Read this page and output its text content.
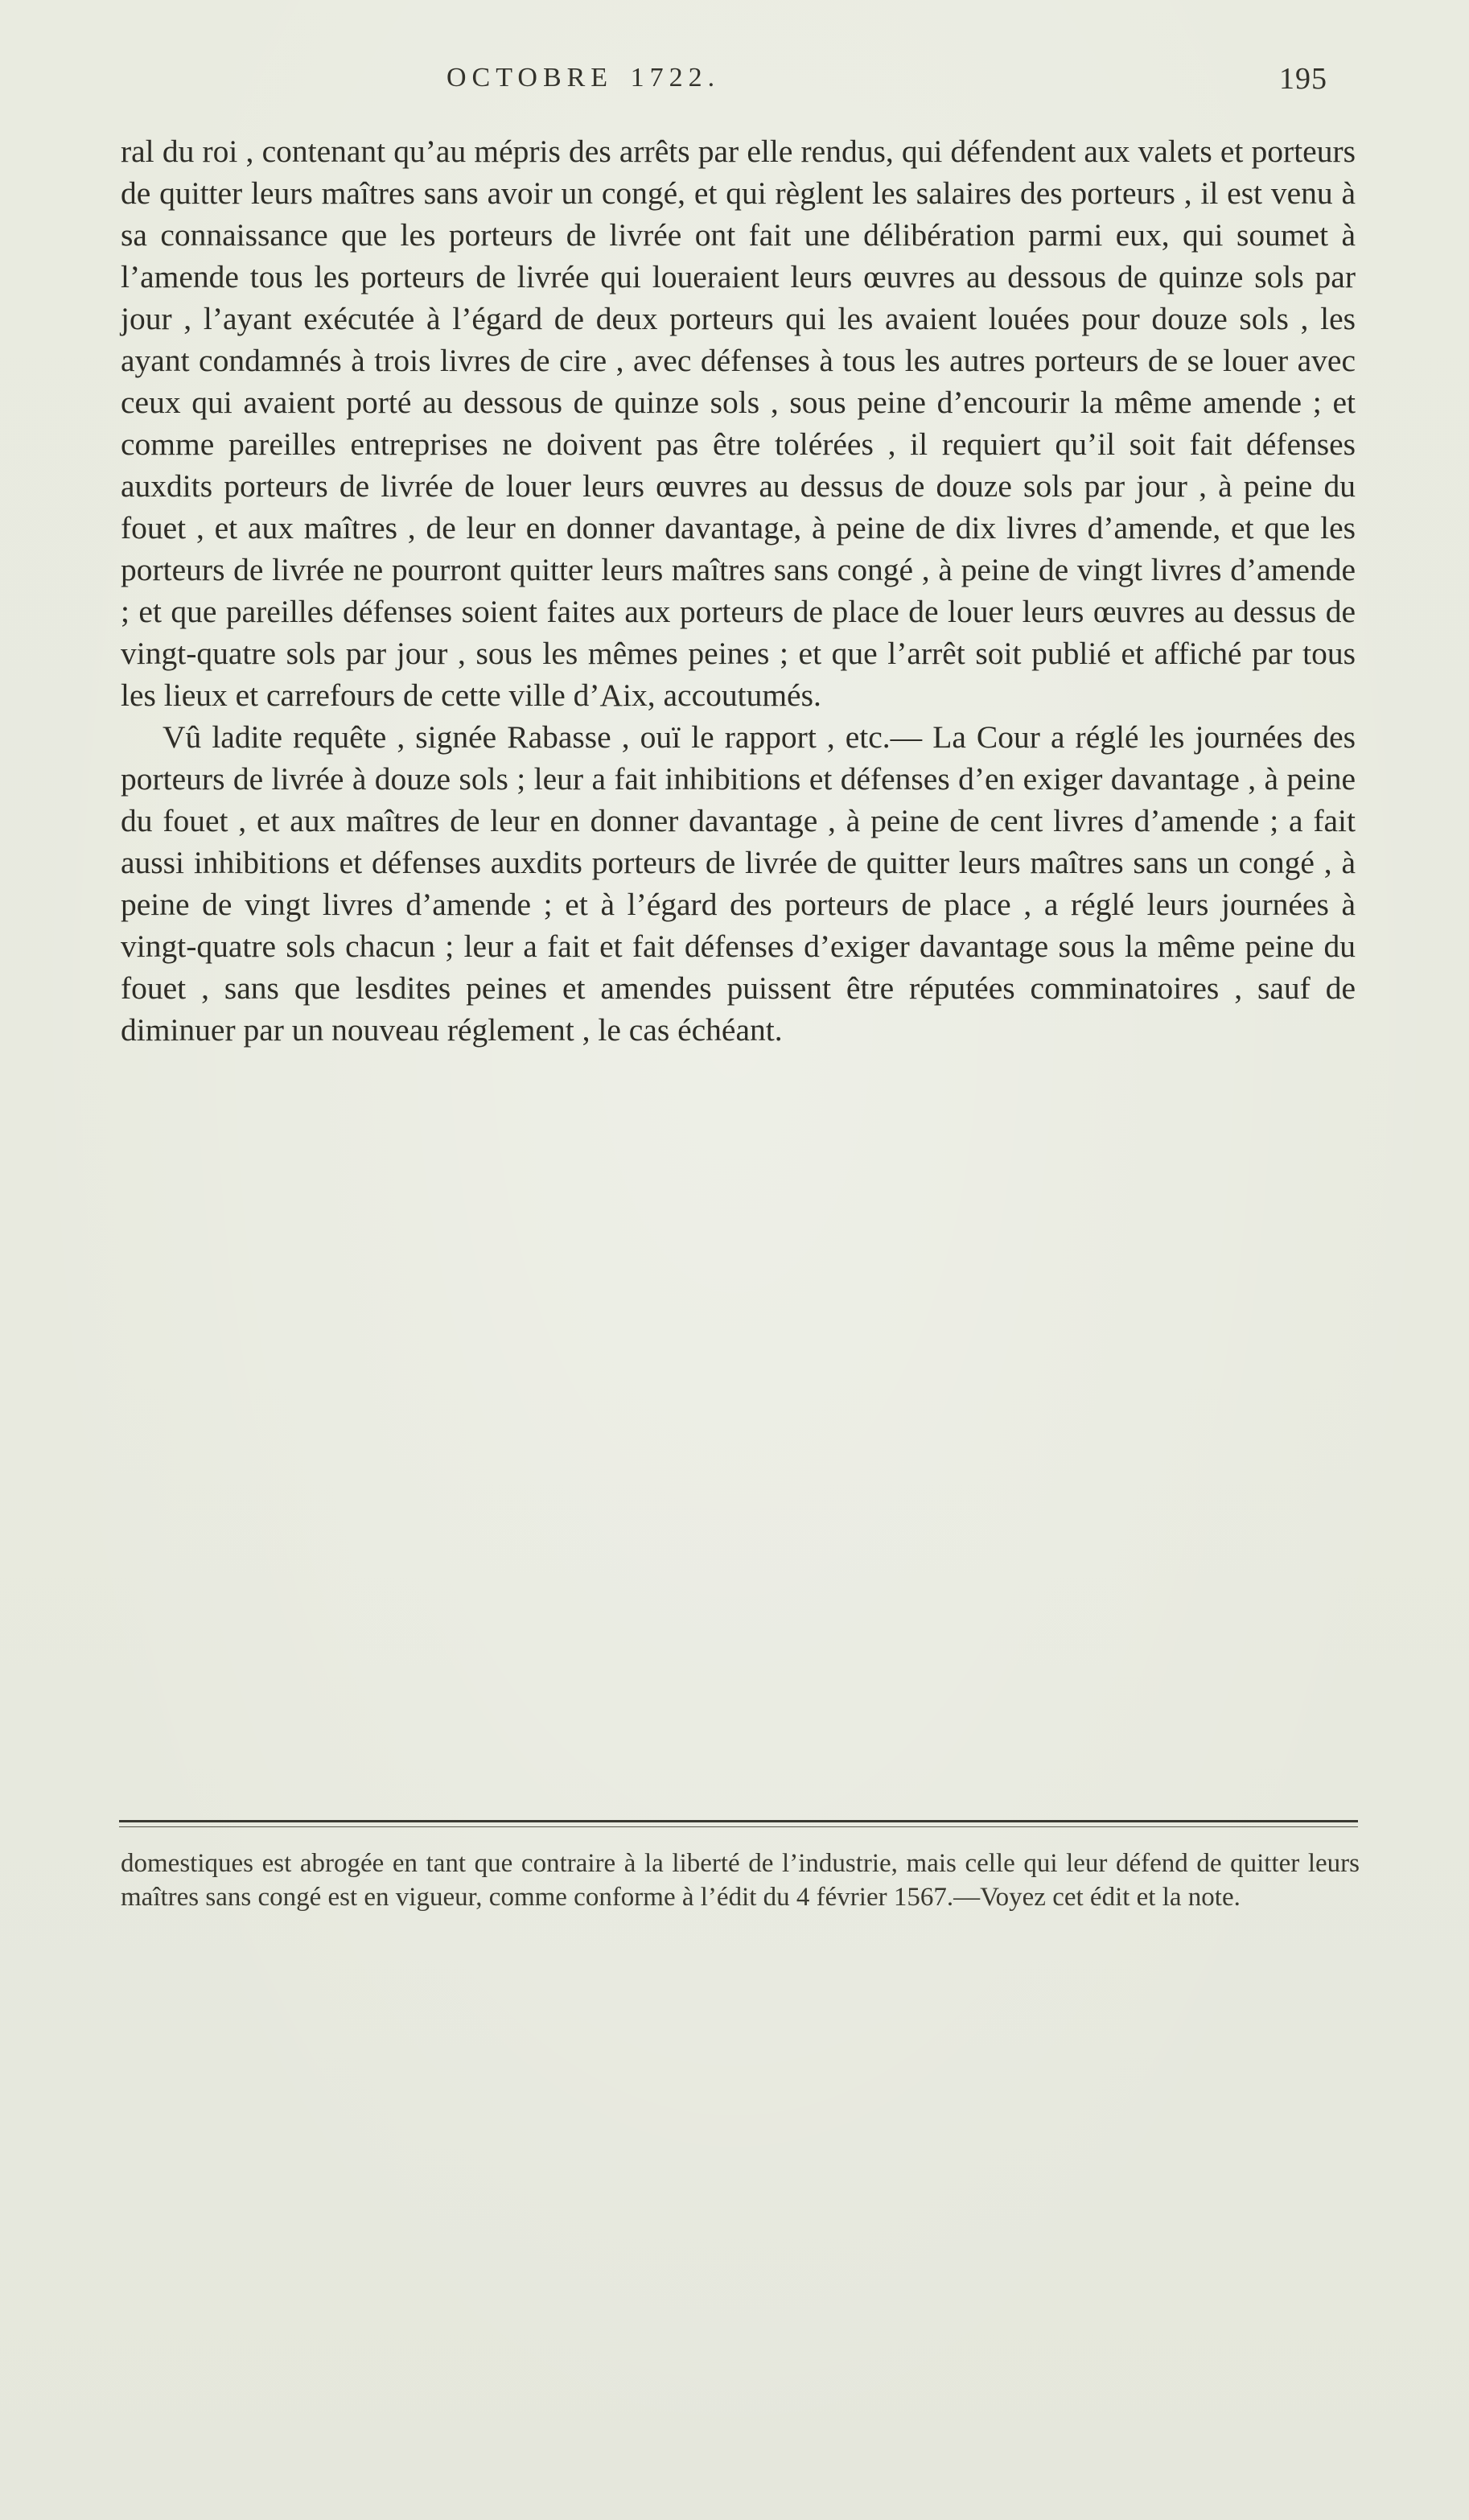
OCTOBRE 1722.	195

ral du roi , contenant qu’au mépris des arrêts par elle rendus, qui défendent aux valets et porteurs de quitter leurs maîtres sans avoir un congé, et qui règlent les salaires des porteurs , il est venu à sa connaissance que les porteurs de livrée ont fait une délibération parmi eux, qui soumet à l’amende tous les porteurs de livrée qui loueraient leurs œuvres au dessous de quinze sols par jour , l’ayant exécutée à l’égard de deux porteurs qui les avaient louées pour douze sols , les ayant condamnés à trois livres de cire , avec défenses à tous les autres porteurs de se louer avec ceux qui avaient porté au dessous de quinze sols , sous peine d’encourir la même amende ; et comme pareilles entreprises ne doivent pas être tolérées , il requiert qu’il soit fait défenses auxdits porteurs de livrée de louer leurs œuvres au dessus de douze sols par jour , à peine du fouet , et aux maîtres , de leur en donner davantage, à peine de dix livres d’amende, et que les porteurs de livrée ne pourront quitter leurs maîtres sans congé , à peine de vingt livres d’amende ; et que pareilles défenses soient faites aux porteurs de place de louer leurs œuvres au dessus de vingt-quatre sols par jour , sous les mêmes peines ; et que l’arrêt soit publié et affiché par tous les lieux et carrefours de cette ville d’Aix, accoutumés.

Vû ladite requête , signée Rabasse , ouï le rapport , etc.— La Cour a réglé les journées des porteurs de livrée à douze sols ; leur a fait inhibitions et défenses d’en exiger davantage , à peine du fouet , et aux maîtres de leur en donner davantage , à peine de cent livres d’amende ; a fait aussi inhibitions et défenses auxdits porteurs de livrée de quitter leurs maîtres sans un congé , à peine de vingt livres d’amende ; et à l’égard des porteurs de place , a réglé leurs journées à vingt-quatre sols chacun ; leur a fait et fait défenses d’exiger davantage sous la même peine du fouet , sans que lesdites peines et amendes puissent être réputées comminatoires , sauf de diminuer par un nouveau réglement , le cas échéant.

domestiques est abrogée en tant que contraire à la liberté de l’industrie, mais celle qui leur défend de quitter leurs maîtres sans congé est en vigueur, comme conforme à l’édit du 4 février 1567.—Voyez cet édit et la note.
